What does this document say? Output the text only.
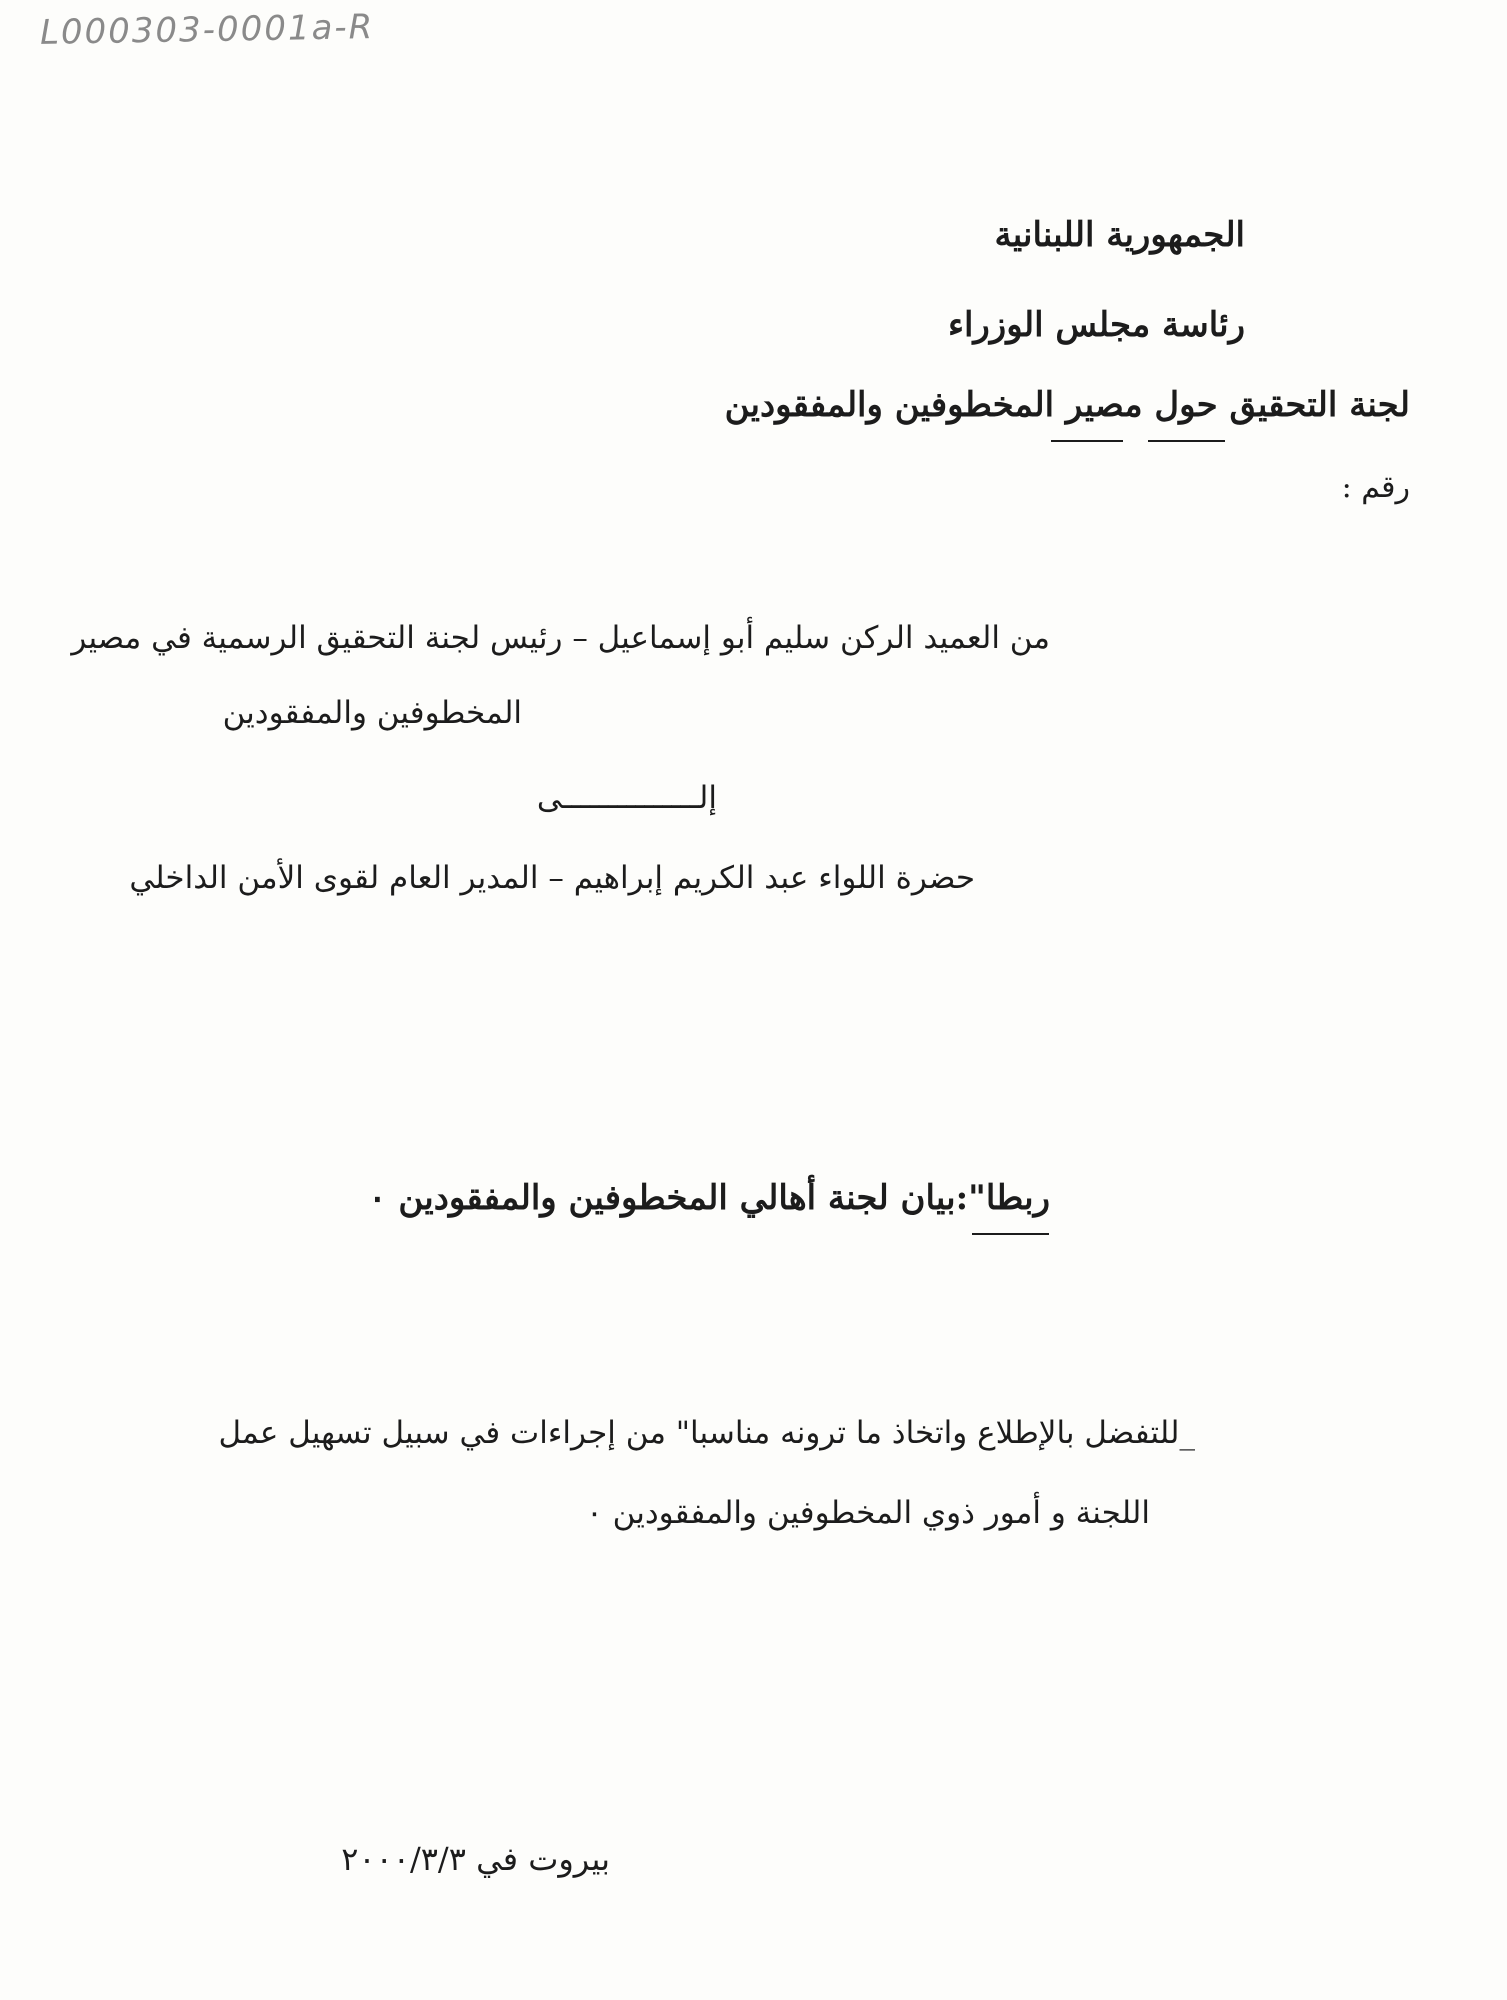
L000303-0001a-R
الجمهورية اللبنانية
رئاسة مجلس الوزراء
لجنة التحقيق حول مصير المخطوفين والمفقودين
رقم :
من العميد الركن سليم أبو إسماعيل – رئيس لجنة التحقيق الرسمية في مصير
المخطوفين والمفقودين
إلـــــــــــــــى
حضرة اللواء عبد الكريم إبراهيم – المدير العام لقوى الأمن الداخلي
ربطا":بيان لجنة أهالي المخطوفين والمفقودين ٠
_للتفضل بالإطلاع واتخاذ ما ترونه مناسبا" من إجراءات في سبيل تسهيل عمل
اللجنة و أمور ذوي المخطوفين والمفقودين ٠
بيروت في ٢٠٠٠/٣/٣
